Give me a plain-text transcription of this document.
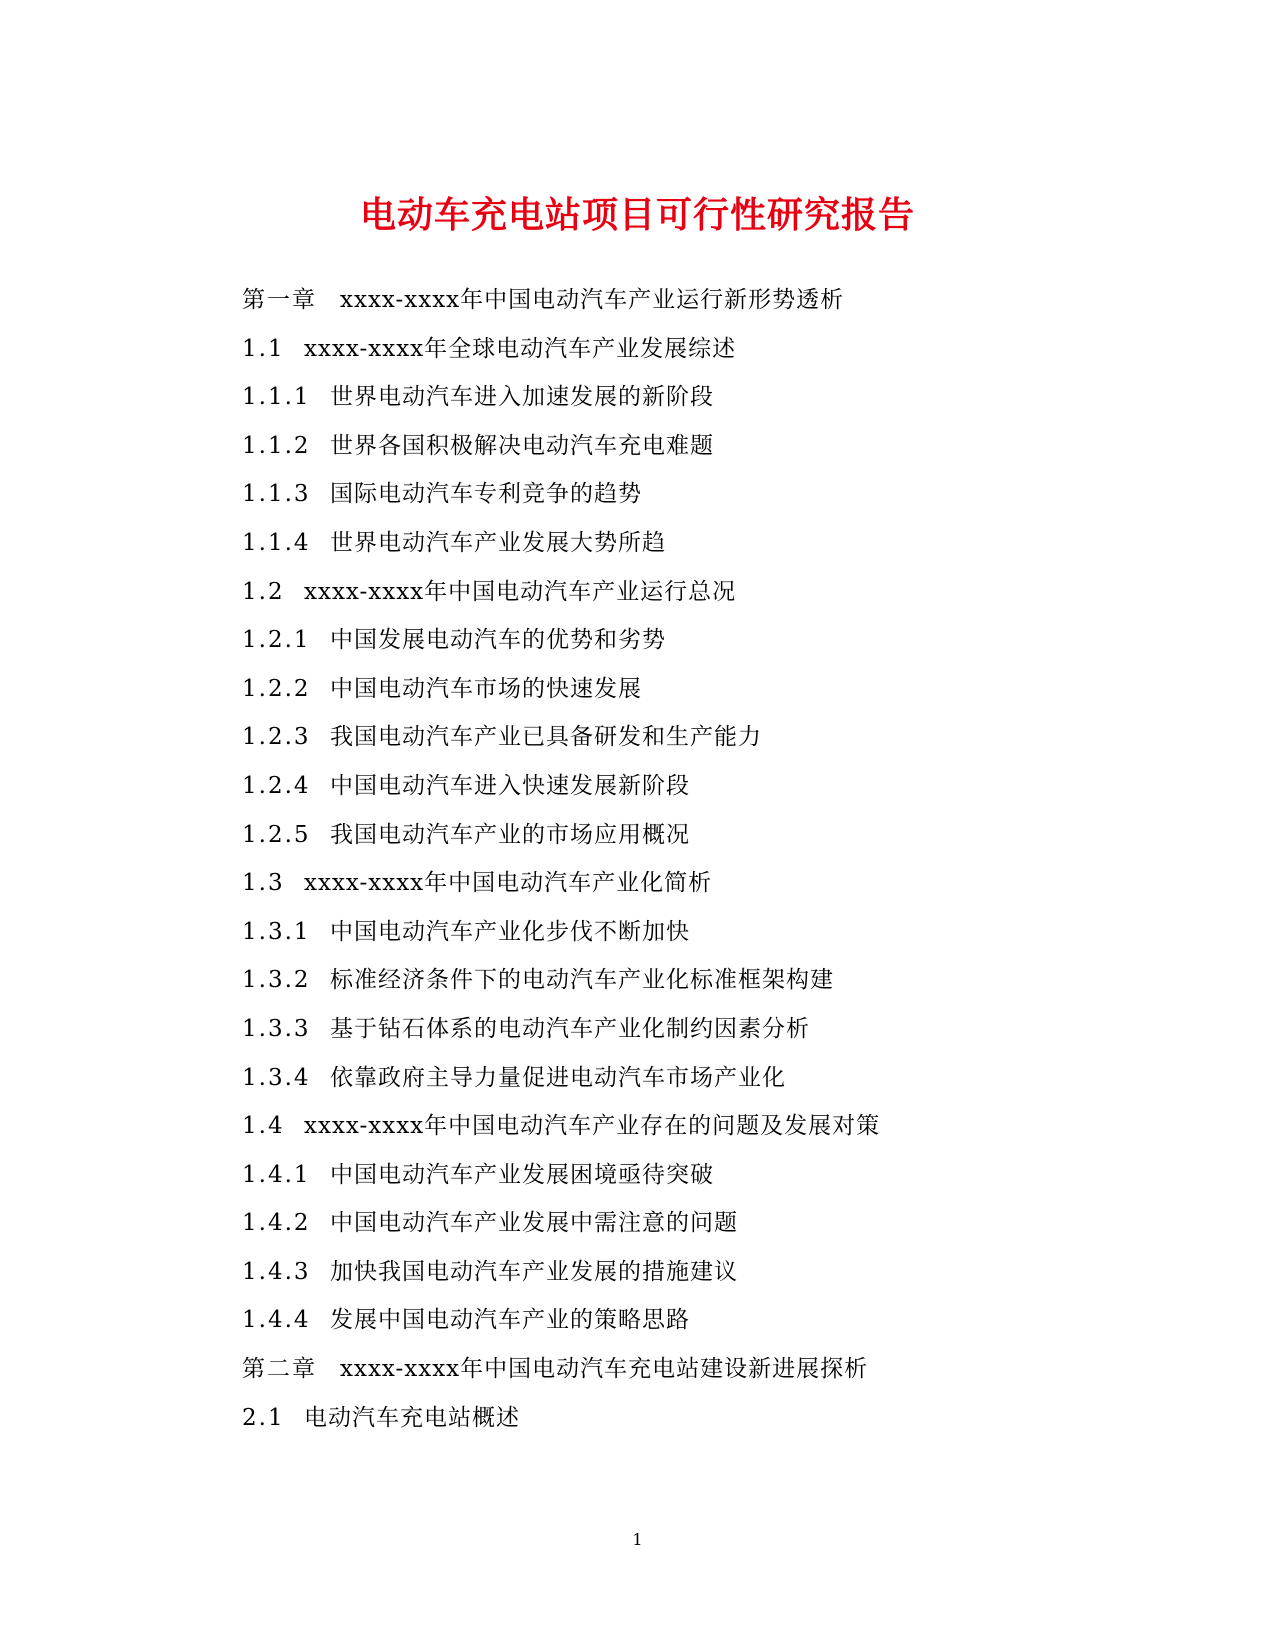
电动车充电站项目可行性研究报告
第一章	xxxx-xxxx年中国电动汽车产业运行新形势透析
1.1 xxxx-xxxx年全球电动汽车产业发展综述
1.1.1 世界电动汽车进入加速发展的新阶段
1.1.2 世界各国积极解决电动汽车充电难题
1.1.3 国际电动汽车专利竞争的趋势
1.1.4 世界电动汽车产业发展大势所趋
1.2 xxxx-xxxx年中国电动汽车产业运行总况
1.2.1 中国发展电动汽车的优势和劣势
1.2.2 中国电动汽车市场的快速发展
1.2.3 我国电动汽车产业已具备研发和生产能力
1.2.4 中国电动汽车进入快速发展新阶段
1.2.5 我国电动汽车产业的市场应用概况
1.3 xxxx-xxxx年中国电动汽车产业化简析
1.3.1 中国电动汽车产业化步伐不断加快
1.3.2 标准经济条件下的电动汽车产业化标准框架构建
1.3.3 基于钻石体系的电动汽车产业化制约因素分析
1.3.4 依靠政府主导力量促进电动汽车市场产业化
1.4 xxxx-xxxx年中国电动汽车产业存在的问题及发展对策
1.4.1 中国电动汽车产业发展困境亟待突破
1.4.2 中国电动汽车产业发展中需注意的问题
1.4.3 加快我国电动汽车产业发展的措施建议
1.4.4 发展中国电动汽车产业的策略思路
第二章	xxxx-xxxx年中国电动汽车充电站建设新进展探析
2.1 电动汽车充电站概述
1
